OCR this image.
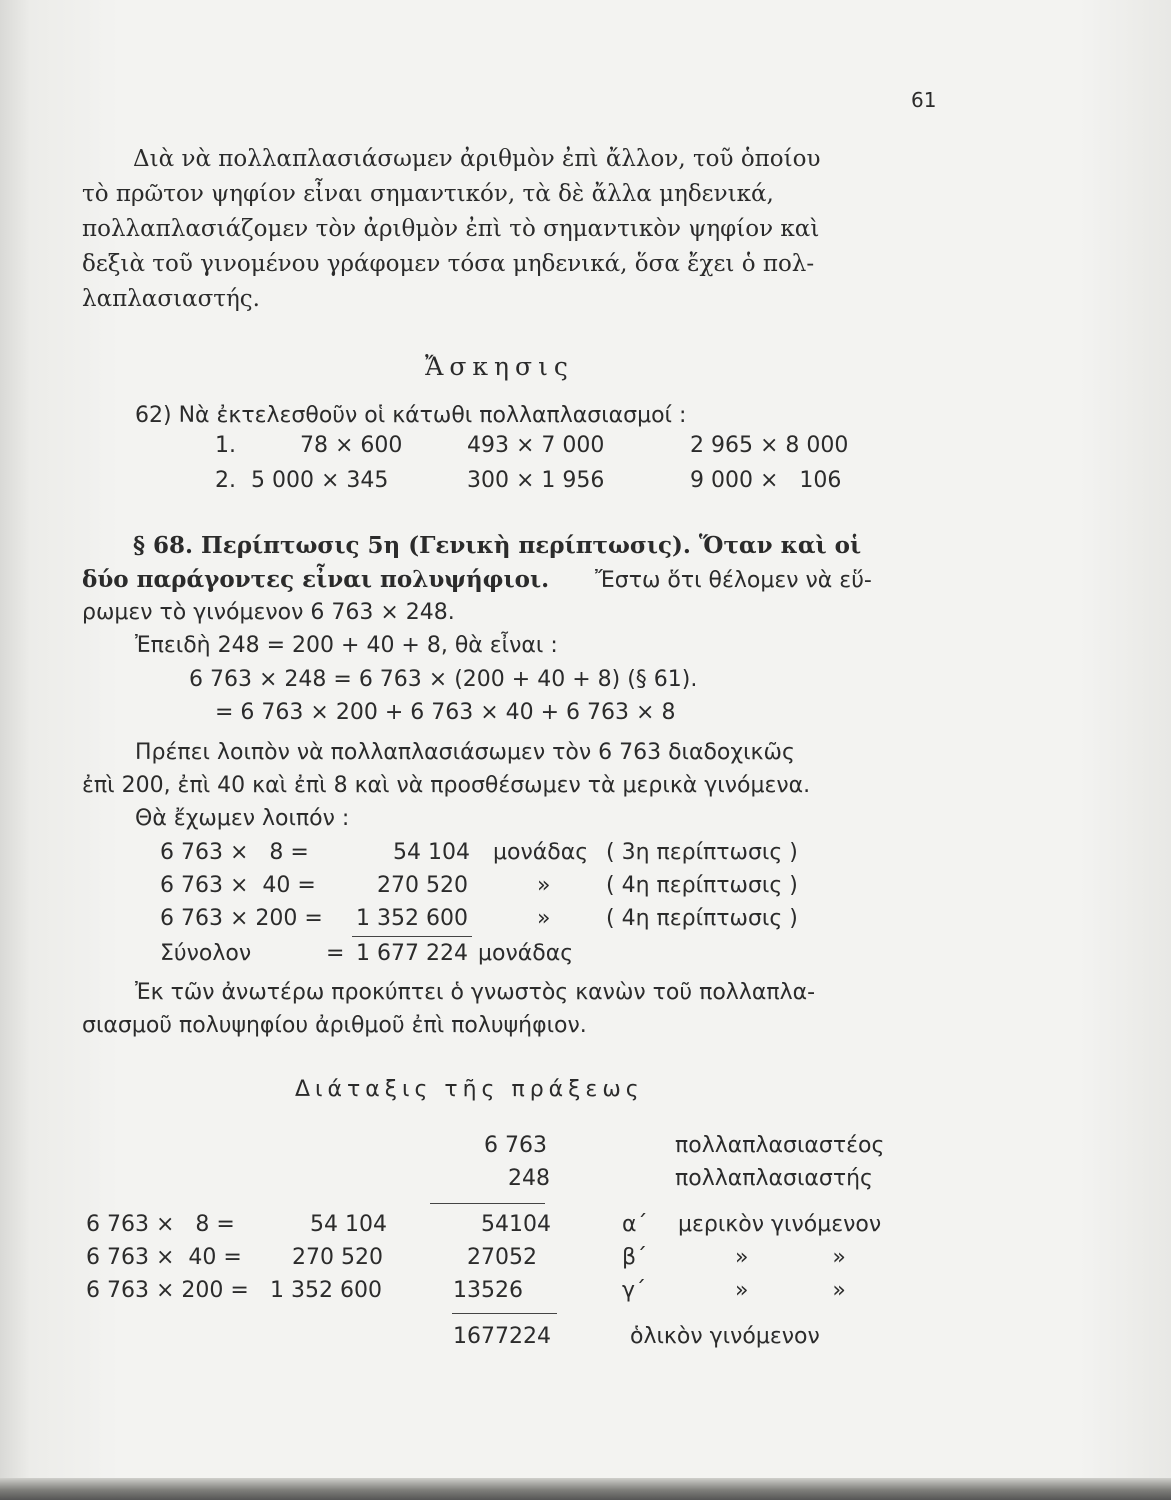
61
Διὰ νὰ πολλαπλασιάσωμεν ἀριθμὸν ἐπὶ ἄλλον, τοῦ ὁποίου
τὸ πρῶτον ψηφίον εἶναι σημαντικόν, τὰ δὲ ἄλλα μηδενικά,
πολλαπλασιάζομεν τὸν ἀριθμὸν ἐπὶ τὸ σημαντικὸν ψηφίον καὶ
δεξιὰ τοῦ γινομένου γράφομεν τόσα μηδενικά, ὅσα ἔχει ὁ πολ-
λαπλασιαστής.
Ἄσκησις
62) Νὰ ἐκτελεσθοῦν οἱ κάτωθι πολλαπλασιασμοί :
1.	78 × 600	493 × 7 000	2 965 × 8 000
2. 5 000 × 345	300 × 1 956	9 000 ×   106
§ 68. Περίπτωσις 5η (Γενικὴ περίπτωσις). Ὅταν καὶ οἱ
δύο παράγοντες εἶναι πολυψήφιοι. Ἔστω ὅτι θέλομεν νὰ εὕ-
ρωμεν τὸ γινόμενον 6 763 × 248.
Ἐπειδὴ 248 = 200 + 40 + 8, θὰ εἶναι :
6 763 × 248 = 6 763 × (200 + 40 + 8) (§ 61).
= 6 763 × 200 + 6 763 × 40 + 6 763 × 8
Πρέπει λοιπὸν νὰ πολλαπλασιάσωμεν τὸν 6 763 διαδοχικῶς
ἐπὶ 200, ἐπὶ 40 καὶ ἐπὶ 8 καὶ νὰ προσθέσωμεν τὰ μερικὰ γινόμενα.
Θὰ ἔχωμεν λοιπόν :
6 763 ×   8 =	54 104 μονάδας ( 3η περίπτωσις )
6 763 ×  40 =	270 520	»	( 4η περίπτωσις )
6 763 × 200 = 1 352 600	»	( 4η περίπτωσις )
Σύνολον	= 1 677 224 μονάδας
Ἐκ τῶν ἀνωτέρω προκύπτει ὁ γνωστὸς κανὼν τοῦ πολλαπλα-
σιασμοῦ πολυψηφίου ἀριθμοῦ ἐπὶ πολυψήφιον.
Διάταξις τῆς πράξεως
6 763	πολλαπλασιαστέος
248	πολλαπλασιαστής
6 763 ×   8 =	54 104	54104	α΄ μερικὸν γινόμενον
6 763 ×  40 = 270 520	27052	β΄	»            »
6 763 × 200 = 1 352 600	13526	γ΄	»            »
1677224	ὁλικὸν γινόμενον
